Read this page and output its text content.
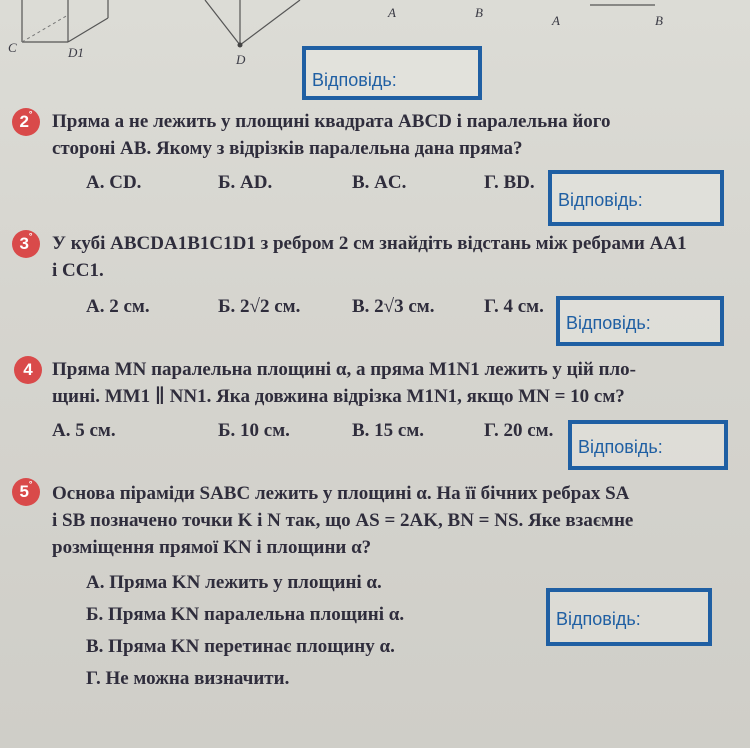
C	D1	D
A	B
A	B
Відповідь:
2°	Пряма a не лежить у площині квадрата ABCD і паралельна його
стороні AB. Якому з відрізків паралельна дана пряма?
А. CD.	Б. AD.	В. AC.	Г. BD.
Відповідь:
3°	У кубі ABCDA1B1C1D1 з ребром 2 см знайдіть відстань між ребрами AA1
і CC1.
А. 2 см.	Б. 2√2 см.	В. 2√3 см.	Г. 4 см.
Відповідь:
4	Пряма MN паралельна площині α, а пряма M1N1 лежить у цій пло-
щині. MM1 ∥ NN1. Яка довжина відрізка M1N1, якщо MN = 10 см?
А. 5 см.	Б. 10 см.	В. 15 см.	Г. 20 см.
Відповідь:
5°	Основа піраміди SABC лежить у площині α. На її бічних ребрах SA
і SB позначено точки K і N так, що AS = 2AK, BN = NS. Яке взаємне
розміщення прямої KN і площини α?
А. Пряма KN лежить у площині α.
Б. Пряма KN паралельна площині α.
В. Пряма KN перетинає площину α.
Г. Не можна визначити.
Відповідь:
